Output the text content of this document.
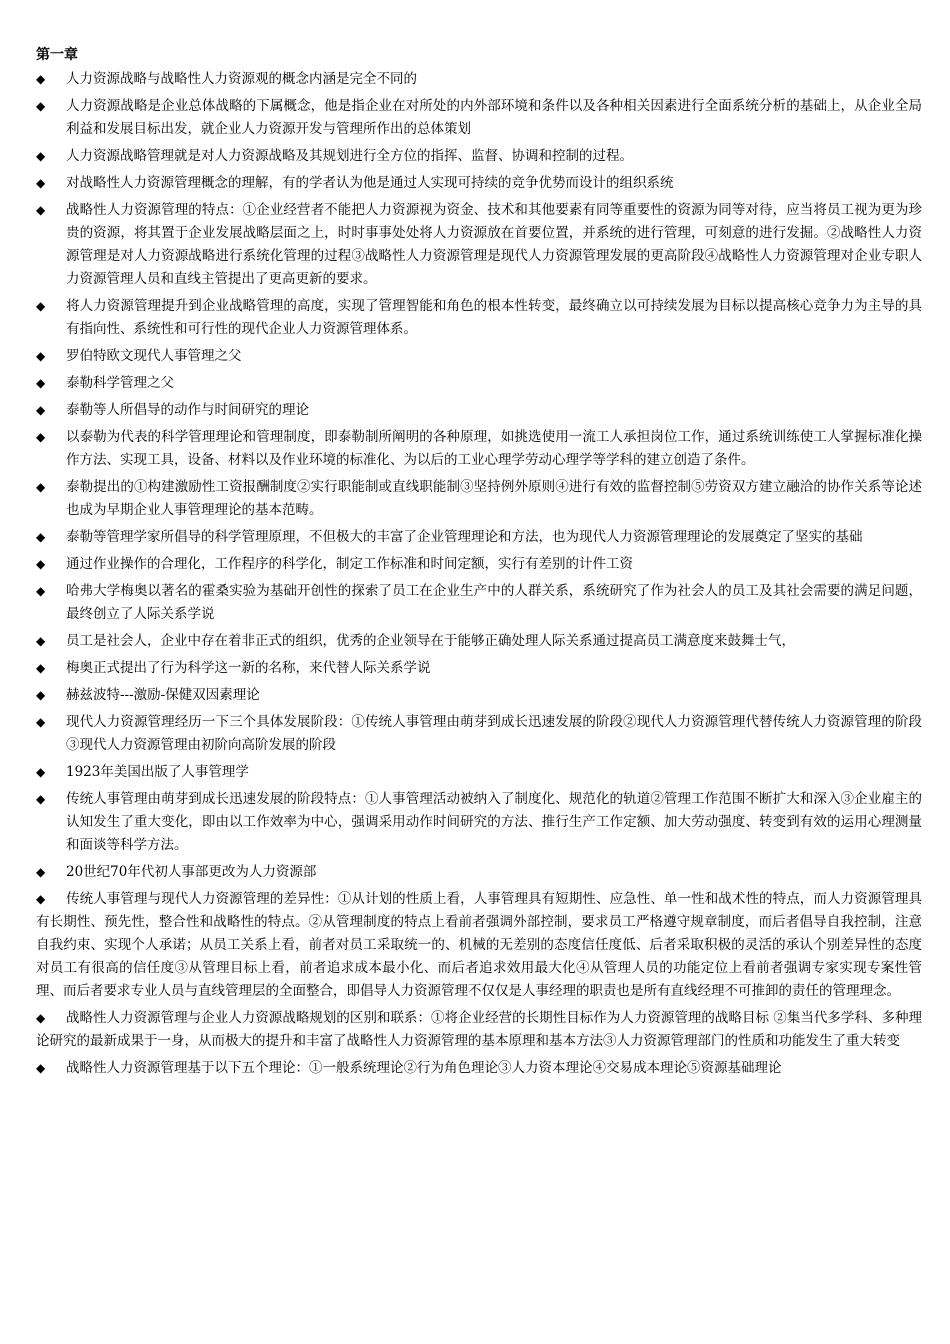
第一章
◆	人力资源战略与战略性人力资源观的概念内涵是完全不同的
◆	人力资源战略是企业总体战略的下属概念，他是指企业在对所处的内外部环境和条件以及各种相关因素进行全面系统分析的基础上，从企业全局利益和发展目标出发，就企业人力资源开发与管理所作出的总体策划
◆	人力资源战略管理就是对人力资源战略及其规划进行全方位的指挥、监督、协调和控制的过程。
◆	对战略性人力资源管理概念的理解，有的学者认为他是通过人实现可持续的竞争优势而设计的组织系统
◆	战略性人力资源管理的特点：①企业经营者不能把人力资源视为资金、技术和其他要素有同等重要性的资源为同等对待，应当将员工视为更为珍贵的资源，将其置于企业发展战略层面之上，时时事事处处将人力资源放在首要位置，并系统的进行管理，可刻意的进行发掘。②战略性人力资源管理是对人力资源战略进行系统化管理的过程③战略性人力资源管理是现代人力资源管理发展的更高阶段④战略性人力资源管理对企业专职人力资源管理人员和直线主管提出了更高更新的要求。
◆	将人力资源管理提升到企业战略管理的高度，实现了管理智能和角色的根本性转变，最终确立以可持续发展为目标以提高核心竞争力为主导的具有指向性、系统性和可行性的现代企业人力资源管理体系。
◆	罗伯特欧文现代人事管理之父
◆	泰勒科学管理之父
◆	泰勒等人所倡导的动作与时间研究的理论
◆	以泰勒为代表的科学管理理论和管理制度，即泰勒制所阐明的各种原理，如挑选使用一流工人承担岗位工作，通过系统训练使工人掌握标准化操作方法、实现工具，设备、材料以及作业环境的标准化、为以后的工业心理学劳动心理学等学科的建立创造了条件。
◆	泰勒提出的①构建激励性工资报酬制度②实行职能制或直线职能制③坚持例外原则④进行有效的监督控制⑤劳资双方建立融洽的协作关系等论述也成为早期企业人事管理理论的基本范畴。
◆	泰勒等管理学家所倡导的科学管理原理，不但极大的丰富了企业管理理论和方法，也为现代人力资源管理理论的发展奠定了坚实的基础
◆	通过作业操作的合理化，工作程序的科学化，制定工作标准和时间定额，实行有差别的计件工资
◆	哈弗大学梅奥以著名的霍桑实验为基础开创性的探索了员工在企业生产中的人群关系，系统研究了作为社会人的员工及其社会需要的满足问题，最终创立了人际关系学说
◆	员工是社会人，企业中存在着非正式的组织，优秀的企业领导在于能够正确处理人际关系通过提高员工满意度来鼓舞士气，
◆	梅奥正式提出了行为科学这一新的名称，来代替人际关系学说
◆	赫兹波特---激励-保健双因素理论
◆	现代人力资源管理经历一下三个具体发展阶段：①传统人事管理由萌芽到成长迅速发展的阶段②现代人力资源管理代替传统人力资源管理的阶段③现代人力资源管理由初阶向高阶发展的阶段
◆	1923年美国出版了人事管理学
◆	传统人事管理由萌芽到成长迅速发展的阶段特点：①人事管理活动被纳入了制度化、规范化的轨道②管理工作范围不断扩大和深入③企业雇主的认知发生了重大变化，即由以工作效率为中心，强调采用动作时间研究的方法、推行生产工作定额、加大劳动强度、转变到有效的运用心理测量和面谈等科学方法。
◆	20世纪70年代初人事部更改为人力资源部
◆ 传统人事管理与现代人力资源管理的差异性：①从计划的性质上看，人事管理具有短期性、应急性、单一性和战术性的特点，而人力资源管理具有长期性、预先性，整合性和战略性的特点。②从管理制度的特点上看前者强调外部控制，要求员工严格遵守规章制度，而后者倡导自我控制，注意自我约束、实现个人承诺；从员工关系上看，前者对员工采取统一的、机械的无差别的态度信任度低、后者采取积极的灵活的承认个别差异性的态度对员工有很高的信任度③从管理目标上看，前者追求成本最小化、而后者追求效用最大化④从管理人员的功能定位上看前者强调专家实现专案性管理、而后者要求专业人员与直线管理层的全面整合，即倡导人力资源管理不仅仅是人事经理的职责也是所有直线经理不可推卸的责任的管理理念。
◆ 战略性人力资源管理与企业人力资源战略规划的区别和联系：①将企业经营的长期性目标作为人力资源管理的战略目标 ②集当代多学科、多种理论研究的最新成果于一身，从而极大的提升和丰富了战略性人力资源管理的基本原理和基本方法③人力资源管理部门的性质和功能发生了重大转变
◆ 战略性人力资源管理基于以下五个理论：①一般系统理论②行为角色理论③人力资本理论④交易成本理论⑤资源基础理论
